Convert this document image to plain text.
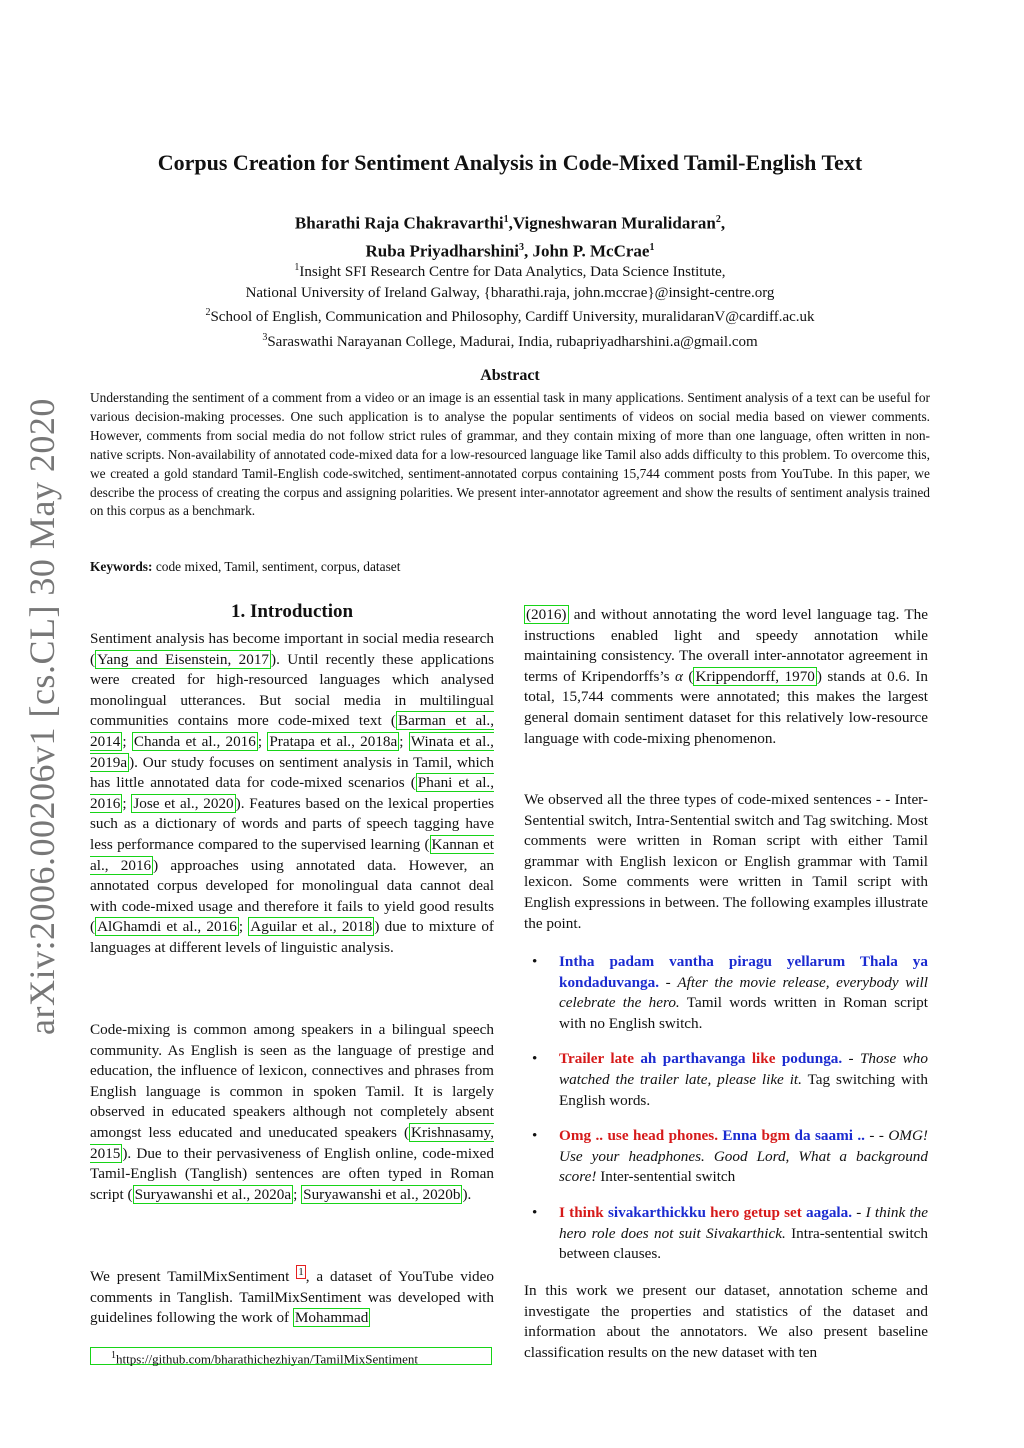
arXiv:2006.00206v1 [cs.CL] 30 May 2020
Corpus Creation for Sentiment Analysis in Code-Mixed Tamil-English Text
Bharathi Raja Chakravarthi$^1$,Vigneshwaran Muralidaran$^2$,
Ruba Priyadharshini$^3$, John P. McCrae$^1$
$^1$Insight SFI Research Centre for Data Analytics, Data Science Institute,
National University of Ireland Galway, {bharathi.raja, john.mccrae}@insight-centre.org
$^2$School of English, Communication and Philosophy, Cardiff University, muralidaranV@cardiff.ac.uk
$^3$Saraswathi Narayanan College, Madurai, India, rubapriyadharshini.a@gmail.com
Abstract
Understanding the sentiment of a comment from a video or an image is an essential task in many applications. Sentiment analysis of a text can be useful for various decision-making processes. One such application is to analyse the popular sentiments of videos on social media based on viewer comments. However, comments from social media do not follow strict rules of grammar, and they contain mixing of more than one language, often written in non-native scripts. Non-availability of annotated code-mixed data for a low-resourced language like Tamil also adds difficulty to this problem. To overcome this, we created a gold standard Tamil-English code-switched, sentiment-annotated corpus containing 15,744 comment posts from YouTube. In this paper, we describe the process of creating the corpus and assigning polarities. We present inter-annotator agreement and show the results of sentiment analysis trained on this corpus as a benchmark.
Keywords: code mixed, Tamil, sentiment, corpus, dataset
1. Introduction

Sentiment analysis has become important in social media research ( Yang and Eisenstein, 2017 ). Until recently these applications were created for high-resourced languages which analysed monolingual utterances. But social media in multilingual communities contains more code-mixed text ( Barman et al., 2014 ; Chanda et al., 2016 ; Pratapa et al., 2018a ; Winata et al., 2019a ). Our study focuses on sentiment analysis in Tamil, which has little annotated data for code-mixed scenarios ( Phani et al., 2016 ; Jose et al., 2020 ). Features based on the lexical properties such as a dictionary of words and parts of speech tagging have less performance compared to the supervised learning ( Kannan et al., 2016 ) approaches using annotated data. However, an annotated corpus developed for monolingual data cannot deal with code-mixed usage and therefore it fails to yield good results ( AlGhamdi et al., 2016 ; Aguilar et al., 2018 ) due to mixture of languages at different levels of linguistic analysis.

Code-mixing is common among speakers in a bilingual speech community. As English is seen as the language of prestige and education, the influence of lexicon, connectives and phrases from English language is common in spoken Tamil. It is largely observed in educated speakers although not completely absent amongst less educated and uneducated speakers ( Krishnasamy, 2015 ). Due to their pervasiveness of English online, code-mixed Tamil-English (Tanglish) sentences are often typed in Roman script ( Suryawanshi et al., 2020a ; Suryawanshi et al., 2020b ).

We present TamilMixSentiment $^1$ , a dataset of YouTube video comments in Tanglish. TamilMixSentiment was developed with guidelines following the work of Mohammad

$^1$https://github.com/bharathichezhiyan/TamilMixSentiment

(2016) and without annotating the word level language tag. The instructions enabled light and speedy annotation while maintaining consistency. The overall inter-annotator agreement in terms of Kripendorffs’s α ( Krippendorff, 1970 ) stands at 0.6. In total, 15,744 comments were annotated; this makes the largest general domain sentiment dataset for this relatively low-resource language with code-mixing phenomenon.

We observed all the three types of code-mixed sentences - - Inter-Sentential switch, Intra-Sentential switch and Tag switching. Most comments were written in Roman script with either Tamil grammar with English lexicon or English grammar with Tamil lexicon. Some comments were written in Tamil script with English expressions in between. The following examples illustrate the point.

• Intha padam vantha piragu yellarum Thala ya kondaduvanga. - After the movie release, everybody will celebrate the hero. Tamil words written in Roman script with no English switch.
• Trailer late ah parthavanga like podunga. - Those who watched the trailer late, please like it. Tag switching with English words.
• Omg .. use head phones. Enna bgm da saami .. - - OMG! Use your headphones. Good Lord, What a background score! Inter-sentential switch
• I think sivakarthickku hero getup set aagala. - I think the hero role does not suit Sivakarthick. Intra-sentential switch between clauses.

In this work we present our dataset, annotation scheme and investigate the properties and statistics of the dataset and information about the annotators. We also present baseline classification results on the new dataset with ten
